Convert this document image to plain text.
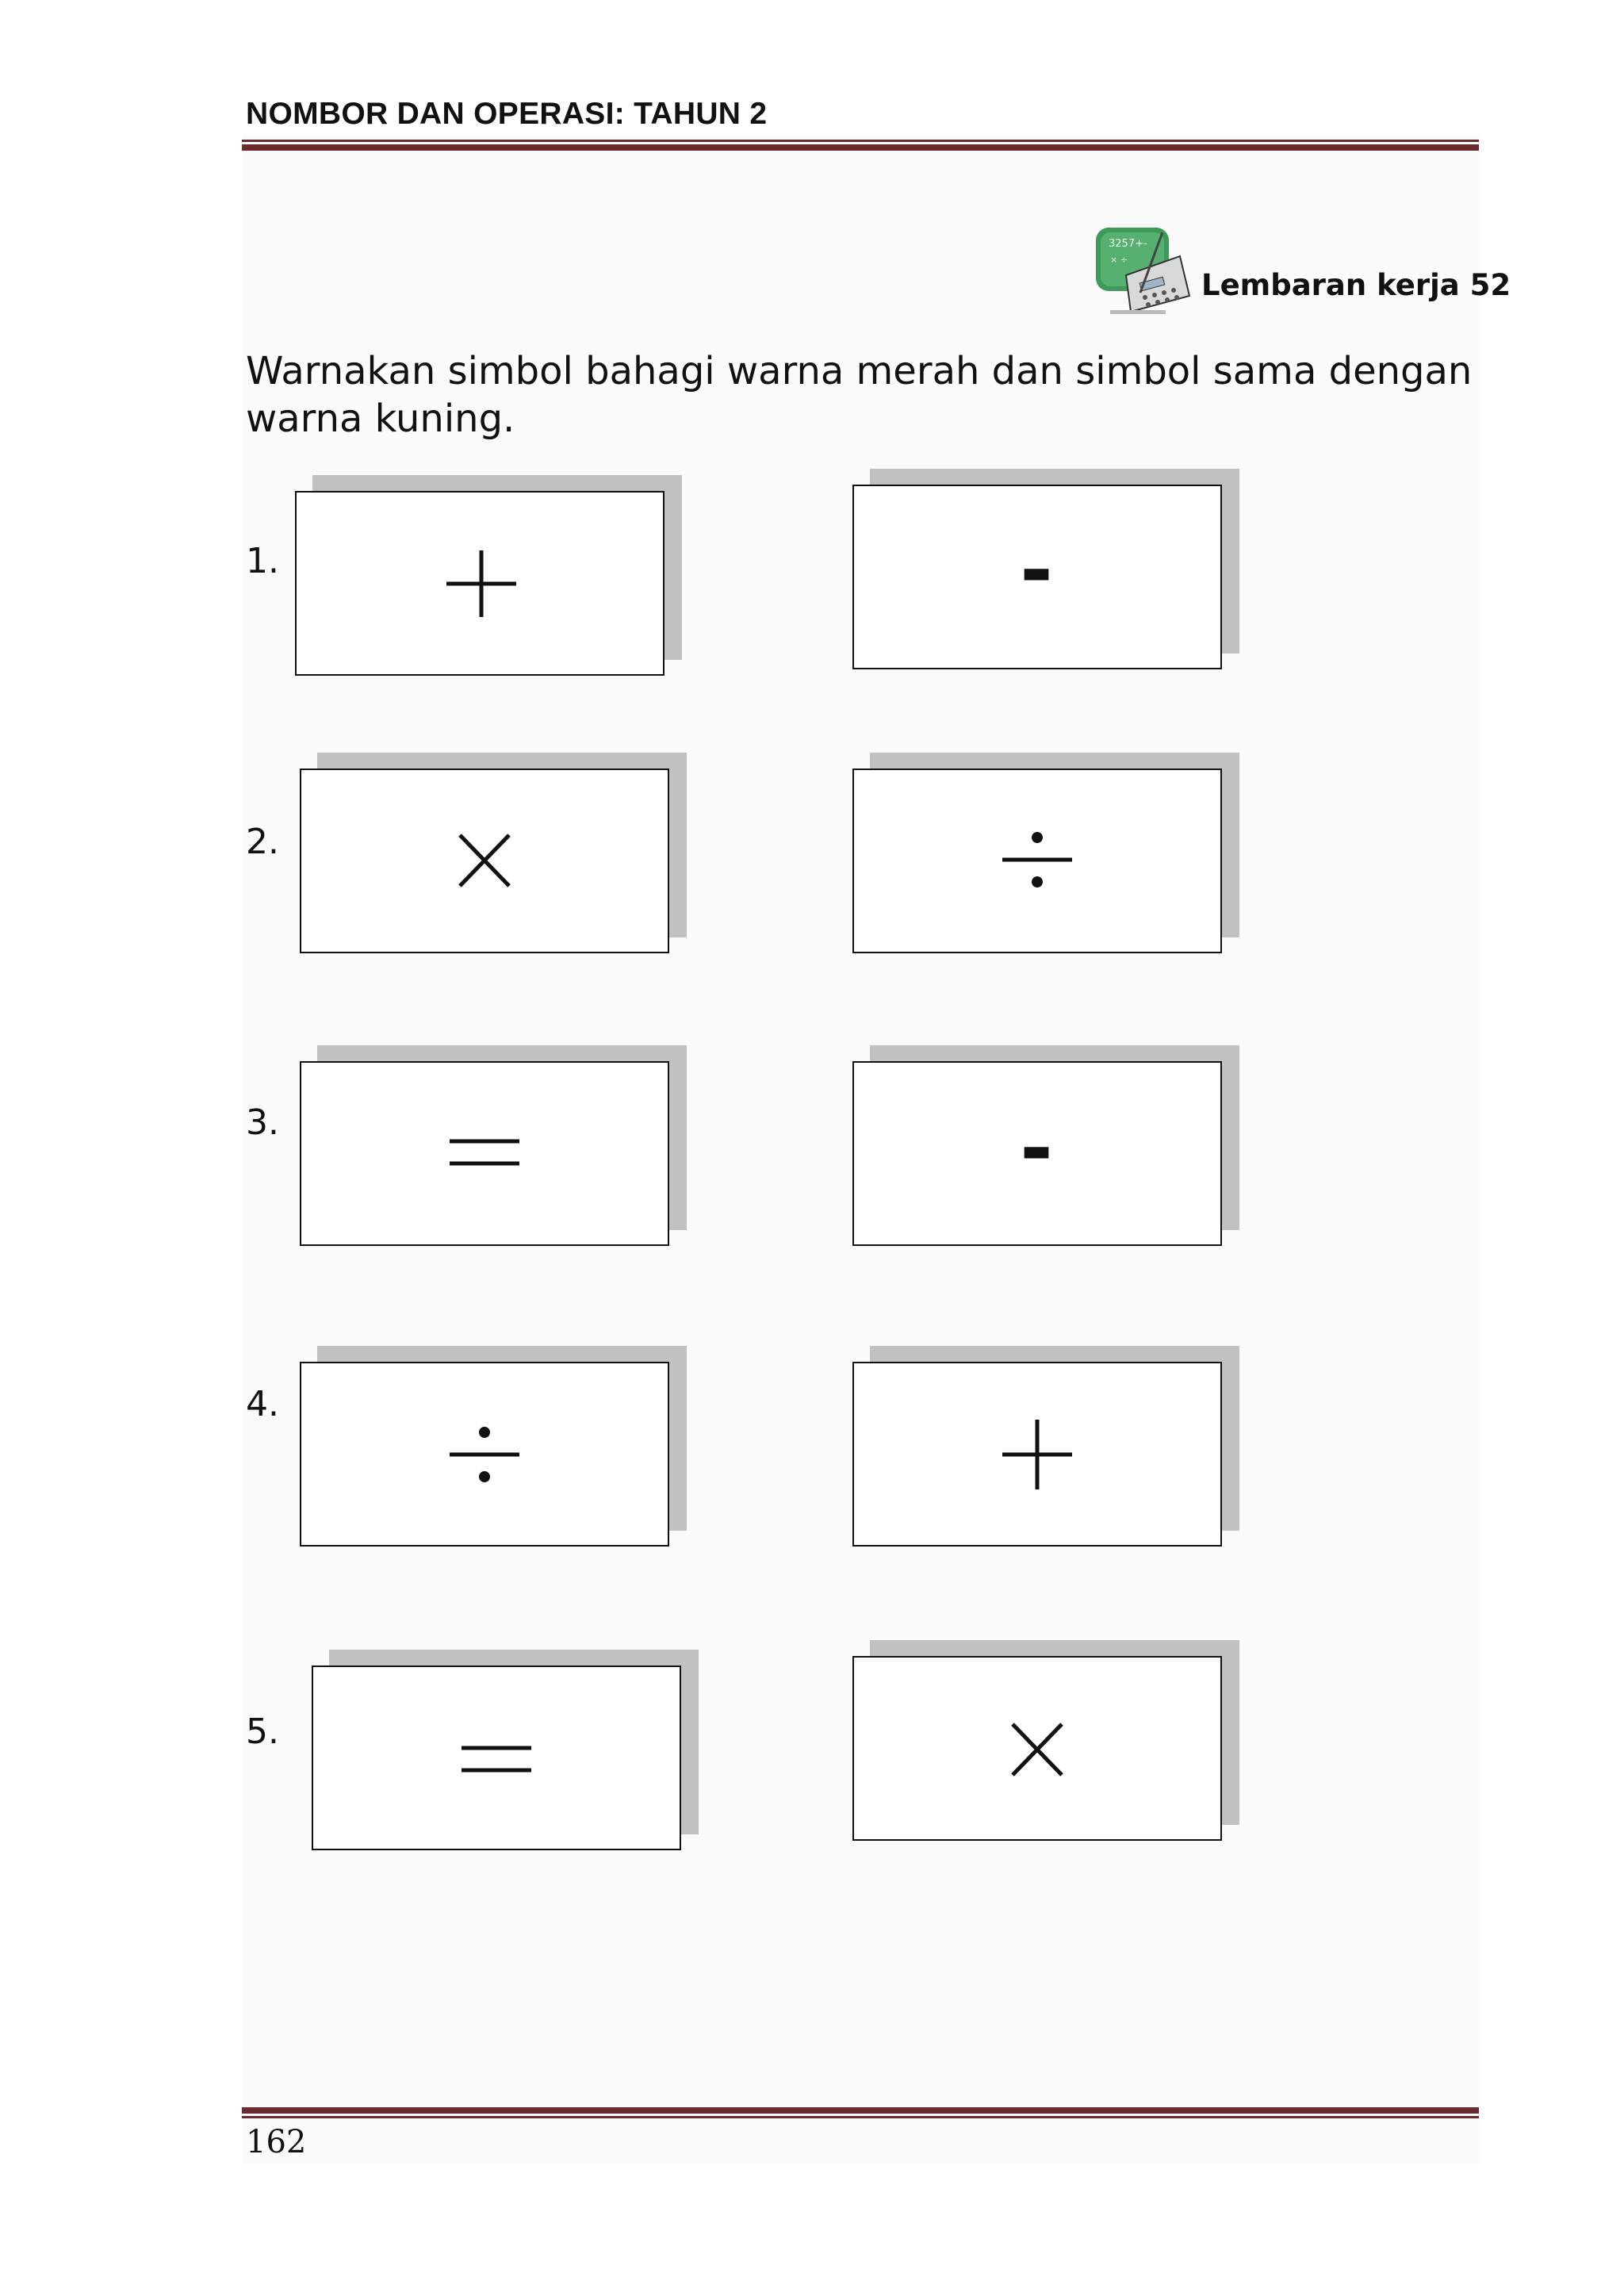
NOMBOR DAN OPERASI: TAHUN 2
3257+-
× ÷
Lembaran kerja 52
Warnakan simbol bahagi warna merah dan simbol sama dengan warna kuning.
1.	-
2.
3.	-
4.
5.
162
